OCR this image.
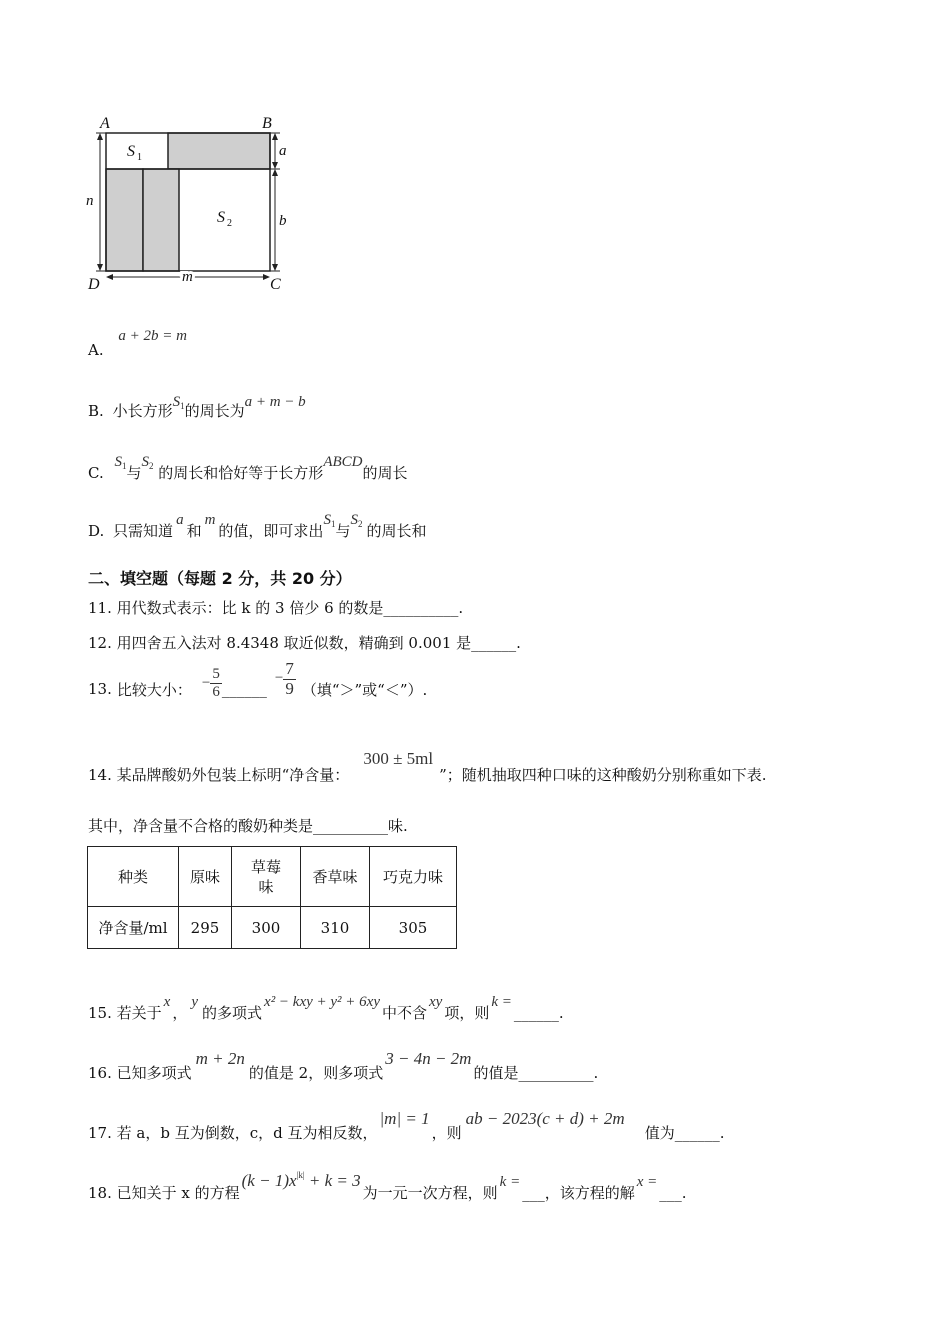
A	B
D	C
S 1
S 2
a
b
n
m
A. a + 2b = m
B. 小长方形$S_1$的周长为a + m − b
C. $S_1$与$S_2$ 的周长和恰好等于长方形ABCD的周长
D. 只需知道a和m的值，即可求出$S_1$与$S_2$ 的周长和
二、填空题（每题 2 分，共 20 分）
11. 用代数式表示：比 k 的 3 倍少 6 的数是__________.
12. 用四舍五入法对 8.4348 取近似数，精确到 0.001 是______.
13. 比较大小： − $\frac{5}{6}$ ______
− $\frac{7}{9}$ （填“＞”或“＜”）.
14. 某品牌酸奶外包装上标明“净含量：300 ± 5ml”；随机抽取四种口味的这种酸奶分别称重如下表.
其中，净含量不合格的酸奶种类是__________味.
种类	原味	草莓味	香草味	巧克力味
净含量/ml	295	300	310	305
15. 若关于x，y的多项式x² − kxy + y² + 6xy中不含xy项，则k =______.
16. 已知多项式m + 2n的值是 2，则多项式3 − 4n − 2m的值是__________.
17. 若 a，b 互为倒数，c，d 互为相反数，|m| = 1，则ab − 2023(c + d) + 2m值为______.
18. 已知关于 x 的方程$(k - 1)x^{|k|} + k = 3$为一元一次方程，则k =___，该方程的解x =___.
